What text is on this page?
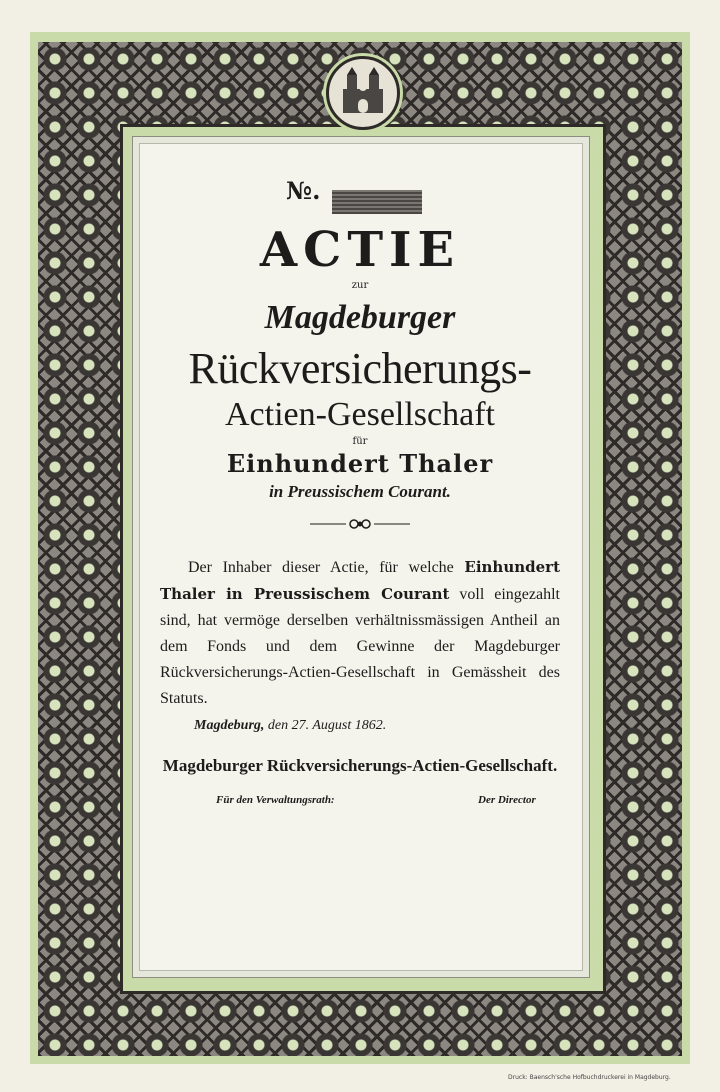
№.
ACTIE
zur
Magdeburger
Rückversicherungs-
Actien-Gesellschaft
für
Einhundert Thaler
in Preussischem Courant.
Der Inhaber dieser Actie, für welche Einhundert Thaler in Preussischem Courant voll eingezahlt sind, hat vermöge derselben verhältnissmässigen Antheil an dem Fonds und dem Gewinne der Magdeburger Rückversicherungs-Actien-Gesellschaft in Gemässheit des Statuts.
Magdeburg, den 27. August 1862.
Magdeburger Rückversicherungs-Actien-Gesellschaft.
Für den Verwaltungsrath:	Der Director
Druck: Baensch'sche Hofbuchdruckerei in Magdeburg.
